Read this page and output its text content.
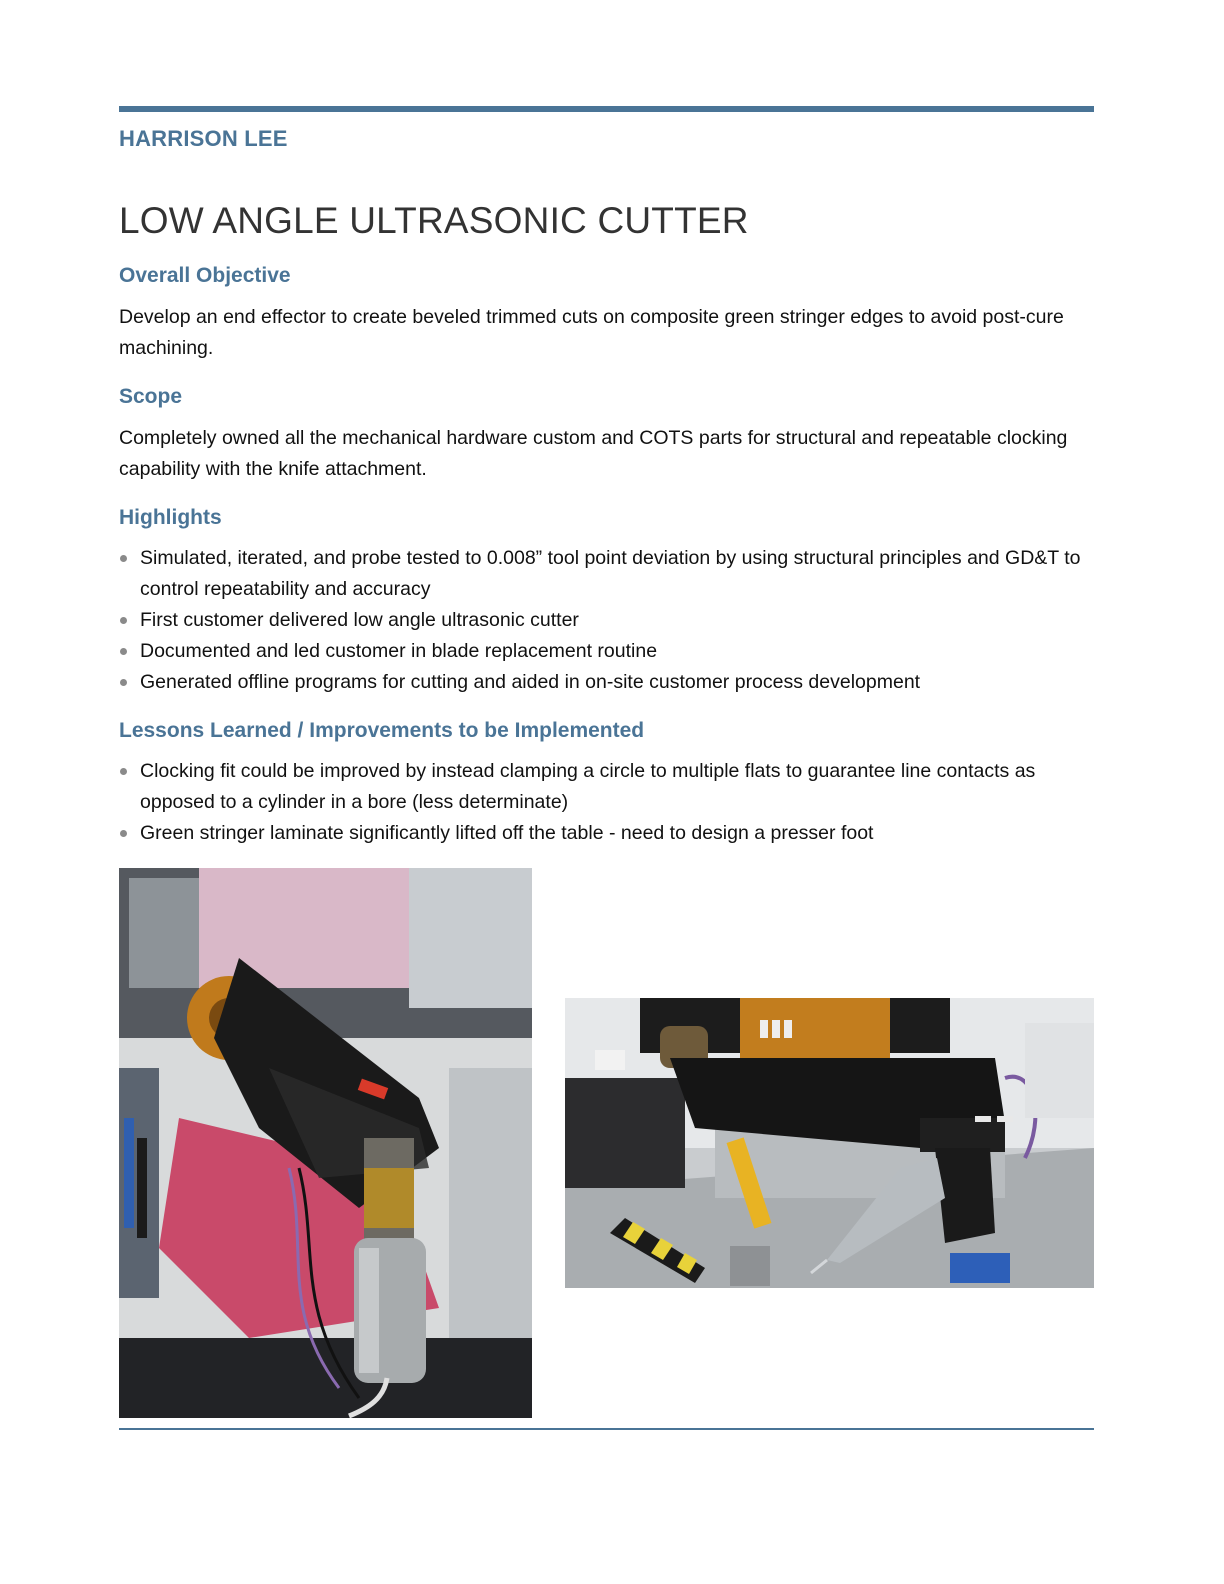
HARRISON LEE
LOW ANGLE ULTRASONIC CUTTER
Overall Objective
Develop an end effector to create beveled trimmed cuts on composite green stringer edges to avoid post-cure machining.
Scope
Completely owned all the mechanical hardware custom and COTS parts for structural and repeatable clocking capability with the knife attachment.
Highlights
Simulated, iterated, and probe tested to 0.008” tool point deviation by using structural principles and GD&T to control repeatability and accuracy
First customer delivered low angle ultrasonic cutter
Documented and led customer in blade replacement routine
Generated offline programs for cutting and aided in on-site customer process development
Lessons Learned / Improvements to be Implemented
Clocking fit could be improved by instead clamping a circle to multiple flats to guarantee line contacts as opposed to a cylinder in a bore (less determinate)
Green stringer laminate significantly lifted off the table - need to design a presser foot
